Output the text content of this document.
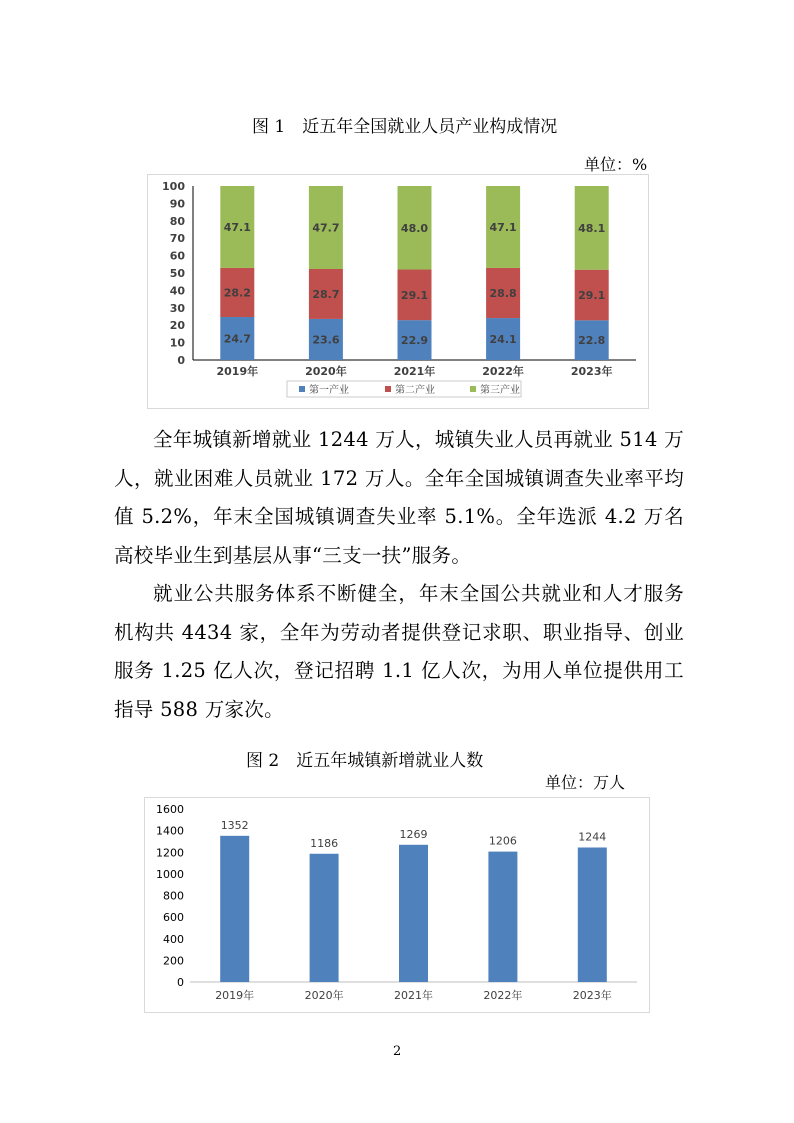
图 1　近五年全国就业人员产业构成情况
单位：%
0
10
20
30
40
50
60
70
80
90
100
24.7
28.2
47.1
2019年
23.6
28.7
47.7
2020年
22.9
29.1
48.0
2021年
24.1
28.8
47.1
2022年
22.8
29.1
48.1
2023年
第一产业	第二产业	第三产业

全年城镇新增就业 1244 万人，城镇失业人员再就业 514 万人，就业困难人员就业 172 万人。全年全国城镇调查失业率平均值 5.2%，年末全国城镇调查失业率 5.1%。全年选派 4.2 万名高校毕业生到基层从事“三支一扶”服务。

就业公共服务体系不断健全，年末全国公共就业和人才服务机构共 4434 家，全年为劳动者提供登记求职、职业指导、创业服务 1.25 亿人次，登记招聘 1.1 亿人次，为用人单位提供用工指导 588 万家次。

图 2　近五年城镇新增就业人数
单位：万人
0
200
400
600
800
1000
1200
1400
1600
1352
2019年
1186
2020年
1269
2021年
1206
2022年
1244
2023年
2
